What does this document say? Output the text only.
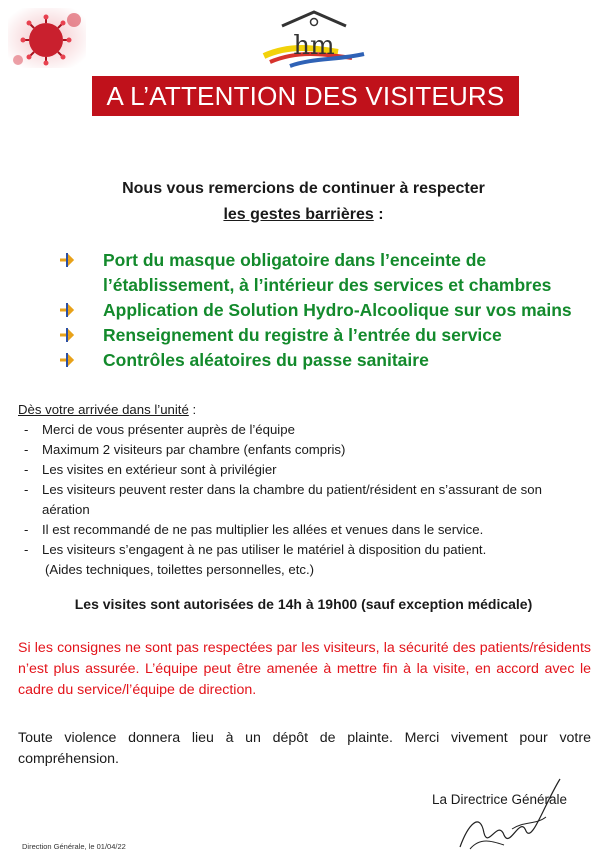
hm
A L’ATTENTION DES VISITEURS
Nous vous remercions de continuer à respecter
les gestes barrières :
Port du masque obligatoire dans l’enceinte de l’établissement, à l’intérieur des services et chambres
Application de Solution Hydro-Alcoolique sur vos mains
Renseignement du registre à l’entrée du service
Contrôles aléatoires du passe sanitaire
Dès votre arrivée dans l’unité :
- Merci de vous présenter auprès de l’équipe
- Maximum 2 visiteurs par chambre (enfants compris)
- Les visites en extérieur sont à privilégier
- Les visiteurs peuvent rester dans la chambre du patient/résident en s’assurant de son aération
- Il est recommandé de ne pas multiplier les allées et venues dans le service.
- Les visiteurs s’engagent à ne pas utiliser le matériel à disposition du patient.
(Aides techniques, toilettes personnelles, etc.)
Les visites sont autorisées de 14h à 19h00 (sauf exception médicale)
Si les consignes ne sont pas respectées par les visiteurs, la sécurité des patients/résidents n’est plus assurée. L’équipe peut être amenée à mettre fin à la visite, en accord avec le cadre du service/l’équipe de direction.
Toute violence donnera lieu à un dépôt de plainte. Merci vivement pour votre compréhension.
La Directrice Générale
Direction Générale, le 01/04/22
